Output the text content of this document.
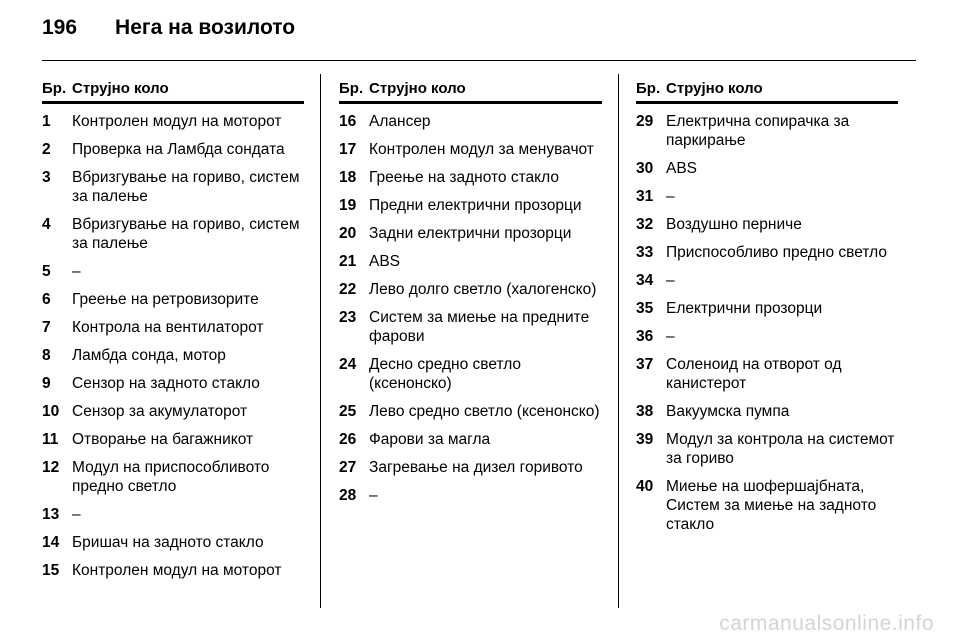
196 Нега на возилото
Бр. Струјно коло
1	Контролен модул на моторот
2	Проверка на Ламбда сондата
3	Вбризгување на гориво, систем за палење
4	Вбризгување на гориво, систем за палење
5	–
6	Греење на ретровизорите
7	Контрола на вентилаторот
8	Ламбда сонда, мотор
9	Сензор на задното стакло
10 Сензор за акумулаторот
11 Отворање на багажникот
12 Модул на приспособливото предно светло
13 –
14 Бришач на задното стакло
15 Контролен модул на моторот
Бр. Струјно коло
16 Алансер
17 Контролен модул за менувачот
18 Греење на задното стакло
19 Предни електрични прозорци
20 Задни електрични прозорци
21 ABS
22 Лево долго светло (халогенско)
23 Систем за миење на предните фарови
24 Десно средно светло (ксенонско)
25 Лево средно светло (ксенонско)
26 Фарови за магла
27 Загревање на дизел горивото
28 –
Бр. Струјно коло
29 Електрична сопирачка за паркирање
30 ABS
31 –
32 Воздушно перниче
33 Приспособливо предно светло
34 –
35 Електрични прозорци
36 –
37 Соленоид на отворот од канистерот
38 Вакуумска пумпа
39 Модул за контрола на системот за гориво
40 Миење на шофершајбната, Систем за миење на задното стакло
carmanualsonline.info
